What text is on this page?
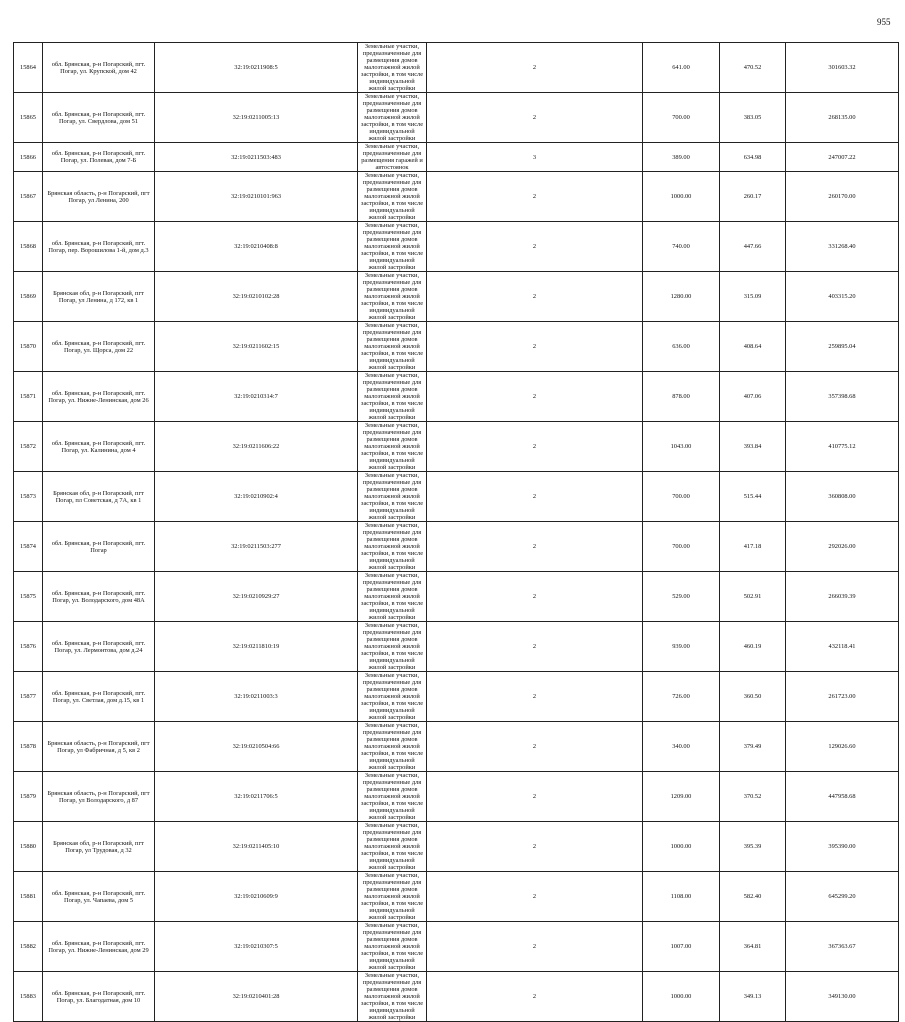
955
15864	обл. Брянская, р-н Погарский, пгт. Погар, ул. Крупской, дом 42	32:19:0211908:5	Земельные участки, предназначенные для размещения домов малоэтажной жилой застройки, в том числе индивидуальной жилой застройки	2	641.00	470.52	301603.32
15865	обл. Брянская, р-н Погарский, пгт. Погар, ул. Свердлова, дом 51	32:19:0211005:13	Земельные участки, предназначенные для размещения домов малоэтажной жилой застройки, в том числе индивидуальной жилой застройки	2	700.00	383.05	268135.00
15866	обл. Брянская, р-н Погарский, пгт. Погар, ул. Полевая, дом 7-Б	32:19:0211503:483	Земельные участки, предназначенные для размещения гаражей и автостоянок	3	389.00	634.98	247007.22
15867	Брянская область, р-н Погарский, пгт Погар, ул Ленина, 200	32:19:0210101:963	Земельные участки, предназначенные для размещения домов малоэтажной жилой застройки, в том числе индивидуальной жилой застройки	2	1000.00	260.17	260170.00
15868	обл. Брянская, р-н Погарский, пгт. Погар, пер. Ворошилова 1-й, дом д.3	32:19:0210408:8	Земельные участки, предназначенные для размещения домов малоэтажной жилой застройки, в том числе индивидуальной жилой застройки	2	740.00	447.66	331268.40
15869	Брянская обл, р-н Погарский, пгт Погар, ул Ленина, д 172, кв 1	32:19:0210102:28	Земельные участки, предназначенные для размещения домов малоэтажной жилой застройки, в том числе индивидуальной жилой застройки	2	1280.00	315.09	403315.20
15870	обл. Брянская, р-н Погарский, пгт. Погар, ул. Щорса, дом 22	32:19:0211602:15	Земельные участки, предназначенные для размещения домов малоэтажной жилой застройки, в том числе индивидуальной жилой застройки	2	636.00	408.64	259895.04
15871	обл. Брянская, р-н Погарский, пгт. Погар, ул. Нижне-Ленинская, дом 26	32:19:0210314:7	Земельные участки, предназначенные для размещения домов малоэтажной жилой застройки, в том числе индивидуальной жилой застройки	2	878.00	407.06	357398.68
15872	обл. Брянская, р-н Погарский, пгт. Погар, ул. Калинина, дом 4	32:19:0211606:22	Земельные участки, предназначенные для размещения домов малоэтажной жилой застройки, в том числе индивидуальной жилой застройки	2	1043.00	393.84	410775.12
15873	Брянская обл, р-н Погарский, пгт Погар, пл Советская, д 7А, кв 1	32:19:0210902:4	Земельные участки, предназначенные для размещения домов малоэтажной жилой застройки, в том числе индивидуальной жилой застройки	2	700.00	515.44	360808.00
15874	обл. Брянская, р-н Погарский, пгт. Погар	32:19:0211503:277	Земельные участки, предназначенные для размещения домов малоэтажной жилой застройки, в том числе индивидуальной жилой застройки	2	700.00	417.18	292026.00
15875	обл. Брянская, р-н Погарский, пгт. Погар, ул. Володарского, дом 48А	32:19:0210929:27	Земельные участки, предназначенные для размещения домов малоэтажной жилой застройки, в том числе индивидуальной жилой застройки	2	529.00	502.91	266039.39
15876	обл. Брянская, р-н Погарский, пгт. Погар, ул. Лермонтова, дом д.24	32:19:0211810:19	Земельные участки, предназначенные для размещения домов малоэтажной жилой застройки, в том числе индивидуальной жилой застройки	2	939.00	460.19	432118.41
15877	обл. Брянская, р-н Погарский, пгт. Погар, ул. Светлая, дом д.15, кв 1	32:19:0211003:3	Земельные участки, предназначенные для размещения домов малоэтажной жилой застройки, в том числе индивидуальной жилой застройки	2	726.00	360.50	261723.00
15878	Брянская область, р-н Погарский, пгт Погар, ул Фабричная, д 5, кв 2	32:19:0210504:66	Земельные участки, предназначенные для размещения домов малоэтажной жилой застройки, в том числе индивидуальной жилой застройки	2	340.00	379.49	129026.60
15879	Брянская область, р-н Погарский, пгт Погар, ул Володарского, д 87	32:19:0211706:5	Земельные участки, предназначенные для размещения домов малоэтажной жилой застройки, в том числе индивидуальной жилой застройки	2	1209.00	370.52	447958.68
15880	Брянская обл, р-н Погарский, пгт Погар, ул Трудовая, д 32	32:19:0211405:10	Земельные участки, предназначенные для размещения домов малоэтажной жилой застройки, в том числе индивидуальной жилой застройки	2	1000.00	395.39	395390.00
15881	обл. Брянская, р-н Погарский, пгт. Погар, ул. Чапаева, дом 5	32:19:0210609:9	Земельные участки, предназначенные для размещения домов малоэтажной жилой застройки, в том числе индивидуальной жилой застройки	2	1108.00	582.40	645299.20
15882	обл. Брянская, р-н Погарский, пгт. Погар, ул. Нижне-Ленинская, дом 29	32:19:0210307:5	Земельные участки, предназначенные для размещения домов малоэтажной жилой застройки, в том числе индивидуальной жилой застройки	2	1007.00	364.81	367363.67
15883	обл. Брянская, р-н Погарский, пгт. Погар, ул. Благодатная, дом 10	32:19:0210401:28	Земельные участки, предназначенные для размещения домов малоэтажной жилой застройки, в том числе индивидуальной жилой застройки	2	1000.00	349.13	349130.00
